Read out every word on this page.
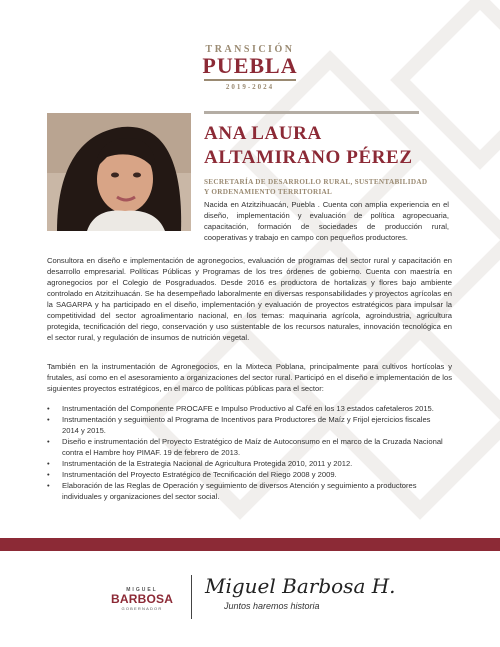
TRANSICIÓN
PUEBLA
2019-2024
ANA LAURA
ALTAMIRANO PÉREZ
SECRETARÍA DE DESARROLLO RURAL, SUSTENTABILIDAD
Y ORDENAMIENTO TERRITORIAL
Nacida en Atzitzihuacán, Puebla . Cuenta con amplia experiencia en el diseño, implementación y evaluación de política agropecuaria, capacitación, formación de sociedades de producción rural, cooperativas y trabajo en campo con pequeños productores.
Consultora en diseño e implementación de agronegocios, evaluación de programas del sector rural y capacitación en desarrollo empresarial. Políticas Públicas y Programas de los tres órdenes de gobierno. Cuenta con maestría en agronegocios por el Colegio de Posgraduados. Desde 2016 es productora de hortalizas y flores bajo ambiente controlado en Atzitzihuacán. Se ha desempeñado laboralmente en diversas responsabilidades y proyectos agrícolas en la SAGARPA y ha participado en el diseño, implementación y evaluación de proyectos estratégicos para impulsar la competitividad del sector agroalimentario nacional, en los temas: maquinaria agrícola, agroindustria, agricultura protegida, tecnificación del riego, conservación y uso sustentable de los recursos naturales, innovación tecnológica en el sector rural, y regulación de insumos de nutrición vegetal.
También en la instrumentación de Agronegocios, en la Mixteca Poblana, principalmente para cultivos hortícolas y frutales, así como en el asesoramiento a organizaciones del sector rural. Participó en el diseño e implementación de los siguientes proyectos estratégicos, en el marco de políticas públicas para el sector:
• Instrumentación del Componente PROCAFE e Impulso Productivo al Café en los 13 estados cafetaleros 2015.
• Instrumentación y seguimiento al Programa de Incentivos para Productores de Maíz y Frijol ejercicios fiscales 2014 y 2015.
• Diseño e instrumentación del Proyecto Estratégico de Maíz de Autoconsumo en el marco de la Cruzada Nacional contra el Hambre hoy PIMAF. 19 de febrero de 2013.
• Instrumentación de la Estrategia Nacional de Agricultura Protegida 2010, 2011 y 2012.
• Instrumentación del Proyecto Estratégico de Tecnificación del Riego 2008 y 2009.
• Elaboración de las Reglas de Operación y seguimiento de diversos Atención y seguimiento a productores individuales y organizaciones del sector social.
MIGUEL
BARBOSA
GOBERNADOR
Miguel Barbosa H.
Juntos haremos historia
